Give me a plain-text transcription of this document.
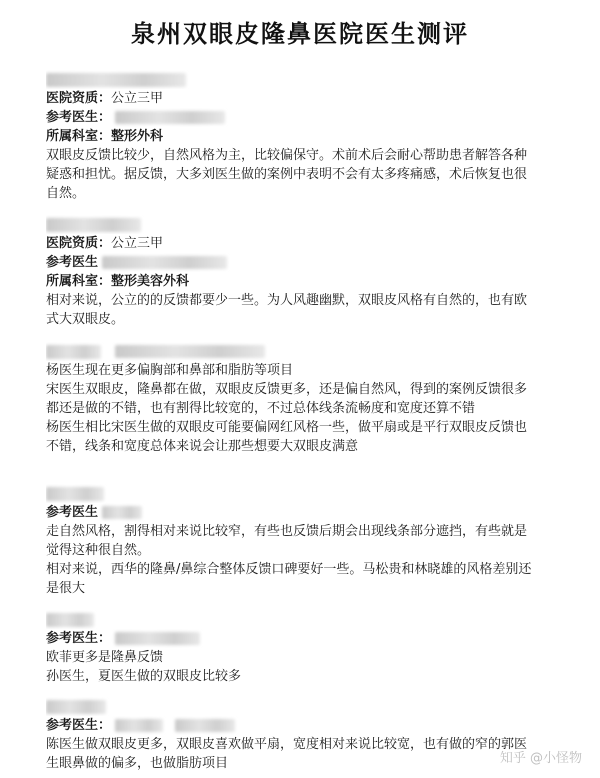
泉州双眼皮隆鼻医院医生测评
医院资质：公立三甲
参考医生：
所属科室：整形外科
双眼皮反馈比较少，自然风格为主，比较偏保守。术前术后会耐心帮助患者解答各种疑惑和担忧。据反馈，大多刘医生做的案例中表明不会有太多疼痛感，术后恢复也很自然。
医院资质：公立三甲
参考医生
所属科室：整形美容外科
相对来说，公立的的反馈都要少一些。为人风趣幽默，双眼皮风格有自然的，也有欧式大双眼皮。
杨医生现在更多偏胸部和鼻部和脂肪等项目
宋医生双眼皮，隆鼻都在做，双眼皮反馈更多，还是偏自然风，得到的案例反馈很多都还是做的不错，也有割得比较宽的，不过总体线条流畅度和宽度还算不错
杨医生相比宋医生做的双眼皮可能要偏网红风格一些，做平扇或是平行双眼皮反馈也不错，线条和宽度总体来说会让那些想要大双眼皮满意
参考医生
走自然风格，割得相对来说比较窄，有些也反馈后期会出现线条部分遮挡，有些就是觉得这种很自然。
相对来说，西华的隆鼻/鼻综合整体反馈口碑要好一些。马松贵和林晓雄的风格差别还是很大
参考医生：
欧菲更多是隆鼻反馈
孙医生，夏医生做的双眼皮比较多
参考医生：
陈医生做双眼皮更多，双眼皮喜欢做平扇，宽度相对来说比较宽，也有做的窄的郭医生眼鼻做的偏多，也做脂肪项目	知乎 @小怪物
